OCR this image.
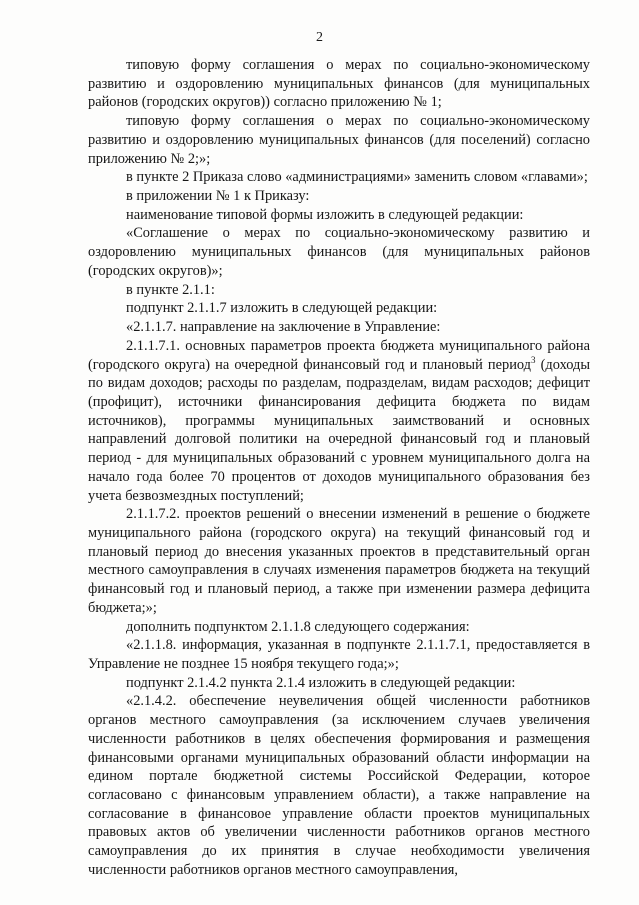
2

типовую форму соглашения о мерах по социально-экономическому развитию и оздоровлению муниципальных финансов (для муниципальных районов (городских округов)) согласно приложению № 1;

типовую форму соглашения о мерах по социально-экономическому развитию и оздоровлению муниципальных финансов (для поселений) согласно приложению № 2;»;

в пункте 2 Приказа слово «администрациями» заменить словом «главами»;

в приложении № 1 к Приказу:

наименование типовой формы изложить в следующей редакции:

«Соглашение о мерах по социально-экономическому развитию и оздоровлению муниципальных финансов (для муниципальных районов (городских округов)»;

в пункте 2.1.1:

подпункт 2.1.1.7 изложить в следующей редакции:

«2.1.1.7. направление на заключение в Управление:

2.1.1.7.1. основных параметров проекта бюджета муниципального района (городского округа) на очередной финансовый год и плановый период$^3$ (доходы по видам доходов; расходы по разделам, подразделам, видам расходов; дефицит (профицит), источники финансирования дефицита бюджета по видам источников), программы муниципальных заимствований и основных направлений долговой политики на очередной финансовый год и плановый период - для муниципальных образований с уровнем муниципального долга на начало года более 70 процентов от доходов муниципального образования без учета безвозмездных поступлений;

2.1.1.7.2. проектов решений о внесении изменений в решение о бюджете муниципального района (городского округа) на текущий финансовый год и плановый период до внесения указанных проектов в представительный орган местного самоуправления в случаях изменения параметров бюджета на текущий финансовый год и плановый период, а также при изменении размера дефицита бюджета;»;

дополнить подпунктом 2.1.1.8 следующего содержания:

«2.1.1.8. информация, указанная в подпункте 2.1.1.7.1, предоставляется в Управление не позднее 15 ноября текущего года;»;

подпункт 2.1.4.2 пункта 2.1.4 изложить в следующей редакции:

«2.1.4.2. обеспечение неувеличения общей численности работников органов местного самоуправления (за исключением случаев увеличения численности работников в целях обеспечения формирования и размещения финансовыми органами муниципальных образований области информации на едином портале бюджетной системы Российской Федерации, которое согласовано с финансовым управлением области), а также направление на согласование в финансовое управление области проектов муниципальных правовых актов об увеличении численности работников органов местного самоуправления до их принятия в случае необходимости увеличения численности работников органов местного самоуправления,
